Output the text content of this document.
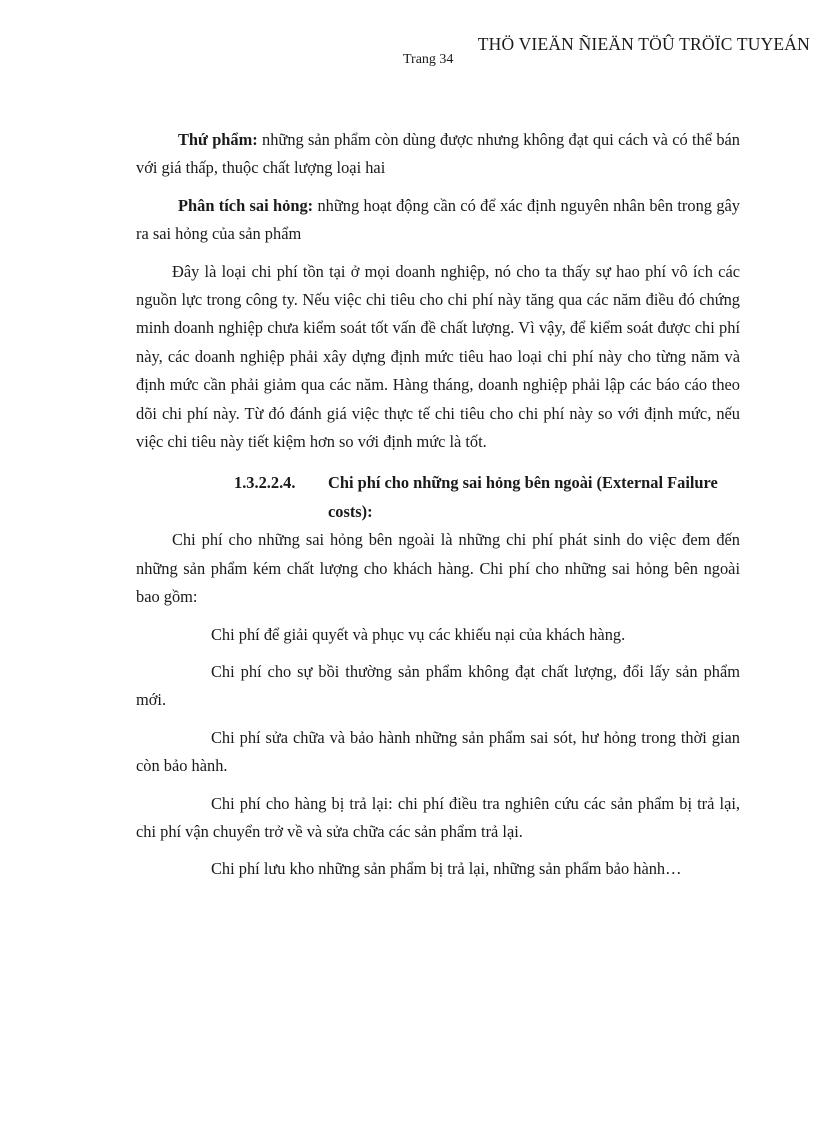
THÖ VIEÄN ÑIEÄN TÖÛ TRÖÏC TUYEÁN
Trang 34

Thứ phẩm: những sản phẩm còn dùng được nhưng không đạt qui cách và có thể bán với giá thấp, thuộc chất lượng loại hai

Phân tích sai hỏng: những hoạt động cần có để xác định nguyên nhân bên trong gây ra sai hỏng của sản phẩm

Đây là loại chi phí tồn tại ở mọi doanh nghiệp, nó cho ta thấy sự hao phí vô ích các nguồn lực trong công ty. Nếu việc chi tiêu cho chi phí này tăng qua các năm điều đó chứng minh doanh nghiệp chưa kiểm soát tốt vấn đề chất lượng. Vì vậy, để kiểm soát được chi phí này, các doanh nghiệp phải xây dựng định mức tiêu hao loại chi phí này cho từng năm và định mức cần phải giảm qua các năm. Hàng tháng, doanh nghiệp phải lập các báo cáo theo dõi chi phí này. Từ đó đánh giá việc thực tế chi tiêu cho chi phí này so với định mức, nếu việc chi tiêu này tiết kiệm hơn so với định mức là tốt.

1.3.2.2.4. Chi phí cho những sai hỏng bên ngoài (External Failure
costs):

Chi phí cho những sai hỏng bên ngoài là những chi phí phát sinh do việc đem đến những sản phẩm kém chất lượng cho khách hàng. Chi phí cho những sai hỏng bên ngoài bao gồm:

Chi phí để giải quyết và phục vụ các khiếu nại của khách hàng.

Chi phí cho sự bồi thường sản phẩm không đạt chất lượng, đổi lấy sản phẩm mới.

Chi phí sửa chữa và bảo hành những sản phẩm sai sót, hư hỏng trong thời gian còn bảo hành.

Chi phí cho hàng bị trả lại: chi phí điều tra nghiên cứu các sản phẩm bị trả lại, chi phí vận chuyển trở về và sửa chữa các sản phẩm trả lại.

Chi phí lưu kho những sản phẩm bị trả lại, những sản phẩm bảo hành…
